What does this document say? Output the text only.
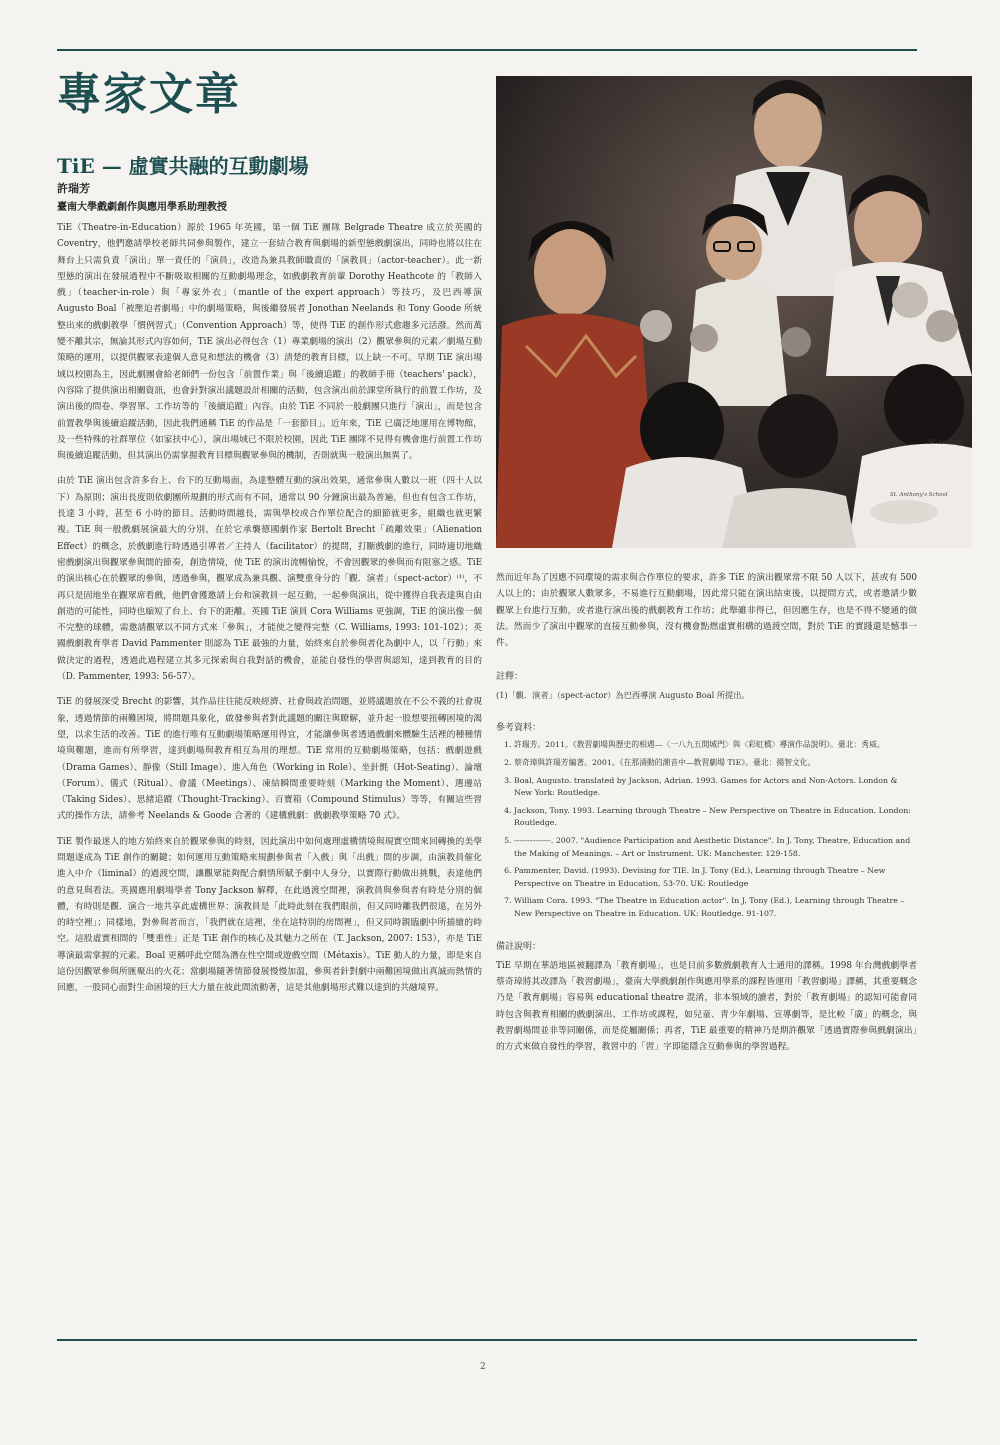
專家文章
TiE — 虛實共融的互動劇場
許瑞芳
臺南大學戲劇創作與應用學系助理教授

TiE（Theatre-in-Education）源於 1965 年英國，第一個 TiE 團隊 Belgrade Theatre 成立於英國的 Coventry，他們邀請學校老師共同參與製作，建立一套結合教育與劇場的新型態戲劇演出，同時也將以往在舞台上只需負責「演出」單一責任的「演員」，改造為兼具教師職責的「演教員」（actor-teacher）。此一新型態的演出在發展過程中不斷吸取相關的互動劇場理念，如戲劇教育前輩 Dorothy Heathcote 的「教師入戲」（teacher-in-role）與「專家外衣」（mantle of the expert approach）等技巧，及巴西導演 Augusto Boal「被壓迫者劇場」中的劇場策略，與後繼發展者 Jonothan Neelands 和 Tony Goode 所統整出來的戲劇教學「慣例習式」（Convention Approach）等，使得 TiE 的創作形式愈趨多元活潑。然而萬變不離其宗，無論其形式內容如何，TiE 演出必得包含（1）專業劇場的演出（2）觀眾參與的元素／劇場互動策略的運用，以提供觀眾表達個人意見和想法的機會（3）清楚的教育目標，以上缺一不可。早期 TiE 演出場域以校園為主，因此劇團會給老師們一份包含「前置作業」與「後續追蹤」的教師手冊（teachers' pack），內容除了提供演出相關資訊，也會針對演出議題設計相關的活動，包含演出前於課堂所執行的前置工作坊，及演出後的問卷、學習單、工作坊等的「後續追蹤」內容。由於 TiE 不同於一般劇團只進行「演出」，而是包含前置教學與後續追蹤活動，因此我們通稱 TiE 的作品是「一套節目」。近年來，TiE 已廣泛地運用在博物館，及一些特殊的社群單位（如家扶中心），演出場域已不限於校園，因此 TiE 團隊不見得有機會進行前置工作坊與後續追蹤活動，但其演出仍需掌握教育目標與觀眾參與的機制，否則就與一般演出無異了。

由於 TiE 演出包含許多台上、台下的互動場面，為達整體互動的演出效果，通常參與人數以一班（四十人以下）為原則；演出長度則依劇團所規劃的形式而有不同，通常以 90 分鐘演出最為普遍，但也有包含工作坊，長達 3 小時，甚至 6 小時的節目。活動時間越長，需與學校或合作單位配合的細節就更多，組織也就更繁複。TiE 與一般戲劇展演最大的分別，在於它承襲德國劇作家 Bertolt Brecht「疏離效果」（Alienation Effect）的概念，於戲劇進行時透過引導者／主持人（facilitator）的提問，打斷戲劇的進行，同時適切地織密戲劇演出與觀眾參與間的節奏，創造情境，使 TiE 的演出流暢愉悅，不會因觀眾的參與而有阻塞之感。TiE 的演出核心在於觀眾的參與，透過參與，觀眾成為兼具觀、演雙重身分的「觀．演者」（spect-actor）⁽¹⁾，不再只是固地坐在觀眾席看戲，他們會獲邀請上台和演教員一起互動，一起參與演出，從中獲得自我表達與自由創造的可能性，同時也縮短了台上、台下的距離。英國 TiE 演員 Cora Williams 更強調，TiE 的演出像一個不完整的球體，需邀請觀眾以不同方式來「參與」，才能使之變得完整（C. Williams, 1993: 101-102）；英國戲劇教育學者 David Pammenter 則認為 TiE 最強的力量，始終來自於參與者化為劇中人，以「行動」來做決定的過程，透過此過程建立其多元探索與自我對話的機會，並能自發性的學習與認知，達到教育的目的（D. Pammenter, 1993: 56-57）。

TiE 的發展深受 Brecht 的影響，其作品往往能反映經濟、社會與政治問題，並將議題放在不公不義的社會現象，透過情節的兩難困境，將問題具象化，啟發參與者對此議題的關注與瞭解，並升起一股想要扭轉困境的渴望，以求生活的改善。TiE 的進行唯有互動劇場策略運用得宜，才能讓參與者透過戲劇來體驗生活裡的種種情境與難題，進而有所學習，達到劇場與教育相互為用的理想。TiE 常用的互動劇場策略，包括：戲劇遊戲（Drama Games）、靜像（Still Image）、進入角色（Working in Role）、坐針氈（Hot-Seating）、論壇（Forum）、儀式（Ritual）、會議（Meetings）、凍結瞬間重要時刻（Marking the Moment）、選邊站（Taking Sides）、思緒追蹤（Thought-Tracking）、百寶箱（Compound Stimulus）等等，有關這些習式的操作方法，請參考 Neelands & Goode 合著的《建構戲劇：戲劇教學策略 70 式》。

TiE 製作最迷人的地方始終來自於觀眾參與的時刻，因此演出中如何處理虛構情境與現實空間來回轉換的美學問題遂成為 TiE 創作的關鍵；如何運用互動策略來規劃參與者「入戲」與「出戲」間的步調，由演教員催化進入中介（liminal）的過渡空間，讓觀眾能夠配合劇情所賦予劇中人身分，以實際行動做出挑戰，表達他們的意見與看法。英國應用劇場學者 Tony Jackson 解釋，在此過渡空間裡，演教員與參與者有時是分別的個體，有時則是觀．演合一地共享此虛構世界：演教員是「此時此刻在我們眼前，但又同時離我們很遠，在另外的時空裡」；同樣地，對參與者而言，「我們就在這裡，坐在這特別的房間裡」，但又同時親臨劇中所描繪的時空。這股虛實相間的「雙重性」正是 TiE 創作的核心及其魅力之所在（T. Jackson, 2007: 153），亦是 TiE 導演最需掌握的元素。Boal 更稱呼此空間為潛在性空間或遊戲空間（Métaxis）。TiE 動人的力量，即是來自這份因觀眾參與所匯聚出的火花；當劇場隨著情節發展慢慢加溫，參與者針對劇中兩難困境做出真誠而熱情的回應，一股同心面對生命困境的巨大力量在彼此間流動著，這是其他劇場形式難以達到的共融境界。

St. Anthony
St. Anthony's School

然而近年為了因應不同環境的需求與合作單位的要求，許多 TiE 的演出觀眾常不限 50 人以下，甚或有 500 人以上的；由於觀眾人數眾多，不易進行互動劇場，因此常只能在演出結束後，以提問方式，或者邀請少數觀眾上台進行互動，或者進行演出後的戲劇教育工作坊；此舉雖非得已，但因應生存，也是不得不變通的做法。然而少了演出中觀眾的直接互動參與，沒有機會點燃虛實相構的過渡空間，對於 TiE 的實踐還是憾事一件。

註釋：

(1)「觀．演者」（spect-actor）為巴西導演 Augusto Boal 所提出。

參考資料：
1. 許瑞芳。2011。《教習劇場與歷史的相遇—〈一八九五開城門〉與〈彩虹橋〉導演作品說明》。臺北：秀威。
2. 蔡奇璋與許瑞芳編著。2001。《在那涌動的潮音中—教習劇場 TIE》。臺北：揚智文化。
3. Boal, Augusto. translated by Jackson, Adrian. 1993. Games for Actors and Non-Actors. London & New York: Routledge.
4. Jackson, Tony. 1993. Learning through Theatre – New Perspective on Theatre in Education. London: Routledge.
5. --------------. 2007. "Audience Participation and Aesthetic Distance". In J. Tony, Theatre, Education and the Making of Meanings. – Art or Instrument. UK: Manchester. 129-158.
6. Pammenter, David. (1993). Devising for TIE. In J. Tony (Ed.), Learning through Theatre – New Perspective on Theatre in Education, 53-70. UK: Routledge
7. William Cora. 1993. "The Theatre in Education actor". In J. Tony (Ed.), Learning through Theatre – New Perspective on Theatre in Education. UK: Routledge. 91-107.
備註說明：

TiE 早期在華語地區被翻譯為「教育劇場」，也是目前多數戲劇教育人士通用的譯稱。1998 年台灣戲劇學者蔡奇璋將其改譯為「教習劇場」，臺南大學戲劇創作與應用學系的課程皆運用「教習劇場」譯稱，其重要概念乃是「教育劇場」容易與 educational theatre 混淆，非本領域的讀者，對於「教育劇場」的認知可能會同時包含與教育相關的戲劇演出、工作坊或課程，如兒童、青少年劇場、宣導劇等，是比較「廣」的概念，與教習劇場間並非等同關係，而是從屬關係；再者，TiE 最重要的精神乃是期許觀眾「透過實際參與戲劇演出」的方式來做自發性的學習，教習中的「習」字即能隱含互動參與的學習過程。

2
